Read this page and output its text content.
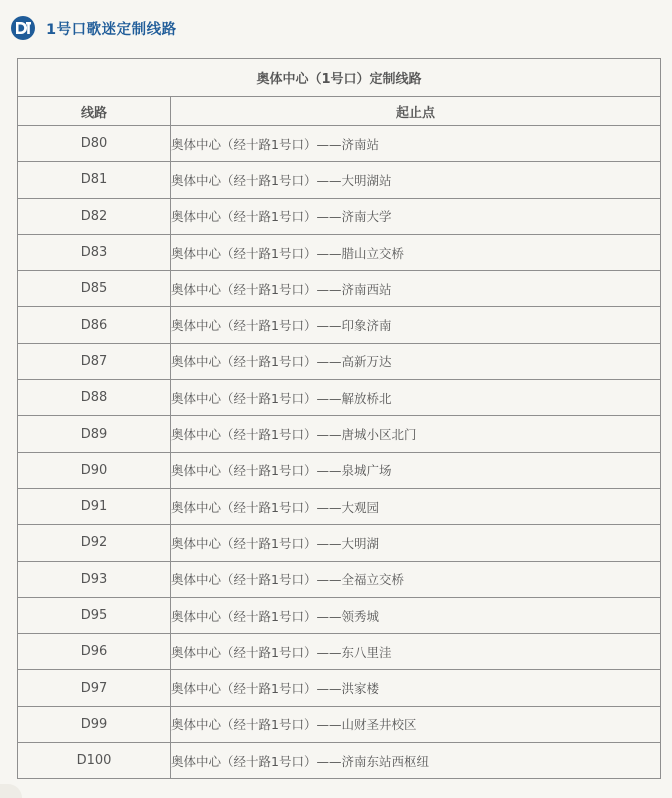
1号口歌迷定制线路
奥体中心（1号口）定制线路	
线路	起止点
D80	奥体中心（经十路1号口）——济南站
D81	奥体中心（经十路1号口）——大明湖站
D82	奥体中心（经十路1号口）——济南大学
D83	奥体中心（经十路1号口）——腊山立交桥
D85	奥体中心（经十路1号口）——济南西站
D86	奥体中心（经十路1号口）——印象济南
D87	奥体中心（经十路1号口）——高新万达
D88	奥体中心（经十路1号口）——解放桥北
D89	奥体中心（经十路1号口）——唐城小区北门
D90	奥体中心（经十路1号口）——泉城广场
D91	奥体中心（经十路1号口）——大观园
D92	奥体中心（经十路1号口）——大明湖
D93	奥体中心（经十路1号口）——全福立交桥
D95	奥体中心（经十路1号口）——领秀城
D96	奥体中心（经十路1号口）——东八里洼
D97	奥体中心（经十路1号口）——洪家楼
D99	奥体中心（经十路1号口）——山财圣井校区
D100	奥体中心（经十路1号口）——济南东站西枢纽
